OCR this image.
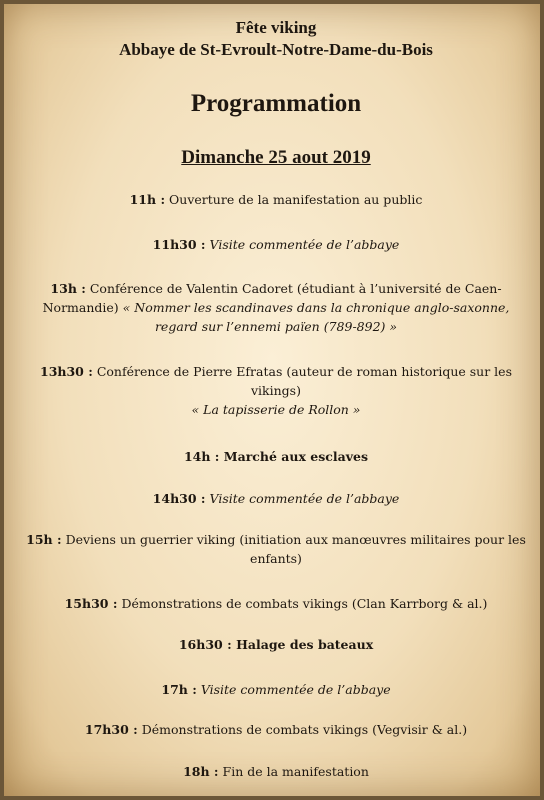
Fête viking
Abbaye de St-Evroult-Notre-Dame-du-Bois
Programmation
Dimanche 25 aout 2019
11h : Ouverture de la manifestation au public
11h30 : Visite commentée de l’abbaye
13h : Conférence de Valentin Cadoret (étudiant à l’université de Caen-Normandie) « Nommer les scandinaves dans la chronique anglo-saxonne, regard sur l’ennemi païen (789-892) »
13h30 : Conférence de Pierre Efratas (auteur de roman historique sur les vikings)
« La tapisserie de Rollon »
14h : Marché aux esclaves
14h30 : Visite commentée de l’abbaye
15h : Deviens un guerrier viking (initiation aux manœuvres militaires pour les enfants)
15h30 : Démonstrations de combats vikings (Clan Karrborg & al.)
16h30 : Halage des bateaux
17h : Visite commentée de l’abbaye
17h30 : Démonstrations de combats vikings (Vegvisir & al.)
18h : Fin de la manifestation
